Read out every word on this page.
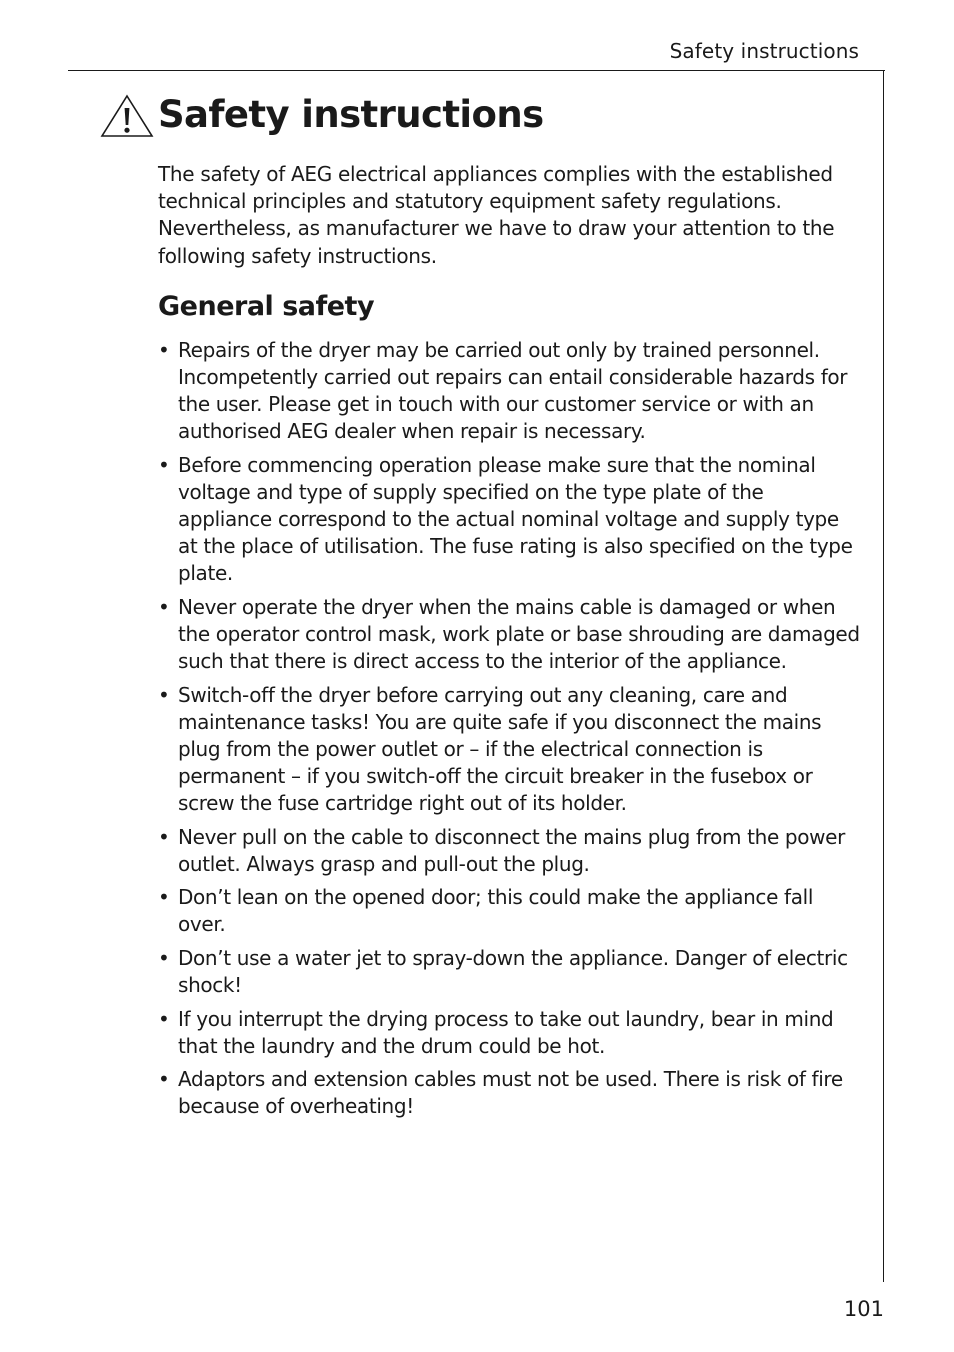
Safety instructions
Safety instructions

The safety of AEG electrical appliances complies with the established technical principles and statutory equipment safety regulations. Nevertheless, as manufacturer we have to draw your attention to the following safety instructions.

General safety
• Repairs of the dryer may be carried out only by trained personnel. Incompetently carried out repairs can entail considerable hazards for the user. Please get in touch with our customer service or with an authorised AEG dealer when repair is necessary.
• Before commencing operation please make sure that the nominal voltage and type of supply specified on the type plate of the appliance correspond to the actual nominal voltage and supply type at the place of utilisation. The fuse rating is also specified on the type plate.
• Never operate the dryer when the mains cable is damaged or when the operator control mask, work plate or base shrouding are damaged such that there is direct access to the interior of the appliance.
• Switch-off the dryer before carrying out any cleaning, care and maintenance tasks! You are quite safe if you disconnect the mains plug from the power outlet or – if the electrical connection is permanent – if you switch-off the circuit breaker in the fusebox or screw the fuse cartridge right out of its holder.
• Never pull on the cable to disconnect the mains plug from the power outlet. Always grasp and pull-out the plug.
• Don’t lean on the opened door; this could make the appliance fall over.
• Don’t use a water jet to spray-down the appliance. Danger of electric shock!
• If you interrupt the drying process to take out laundry, bear in mind that the laundry and the drum could be hot.
• Adaptors and extension cables must not be used. There is risk of fire because of overheating!
101
